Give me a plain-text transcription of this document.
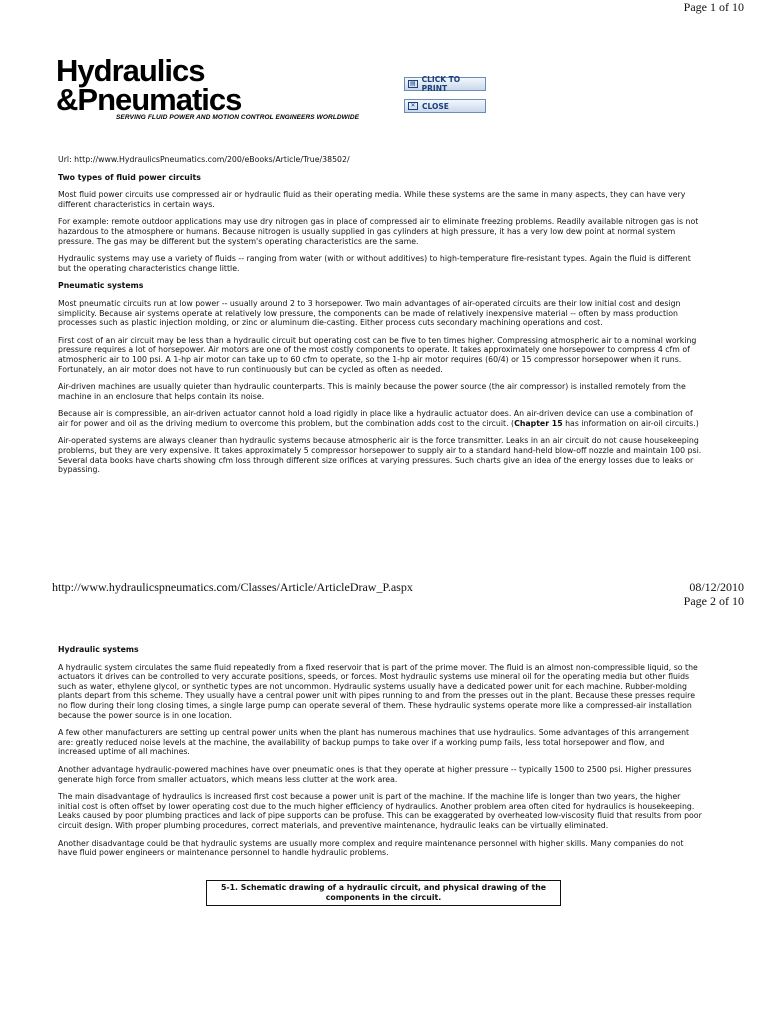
Page 1 of 10
Hydraulics
&Pneumatics
SERVING FLUID POWER AND MOTION CONTROL ENGINEERS WORLDWIDE
▤ CLICK TO PRINT
✕ CLOSE

Url: http://www.HydraulicsPneumatics.com/200/eBooks/Article/True/38502/

Two types of fluid power circuits

Most fluid power circuits use compressed air or hydraulic fluid as their operating media. While these systems are the same in many aspects, they can have very different characteristics in certain ways.

For example: remote outdoor applications may use dry nitrogen gas in place of compressed air to eliminate freezing problems. Readily available nitrogen gas is not hazardous to the atmosphere or humans. Because nitrogen is usually supplied in gas cylinders at high pressure, it has a very low dew point at normal system pressure. The gas may be different but the system's operating characteristics are the same.

Hydraulic systems may use a variety of fluids -- ranging from water (with or without additives) to high-temperature fire-resistant types. Again the fluid is different but the operating characteristics change little.

Pneumatic systems

Most pneumatic circuits run at low power -- usually around 2 to 3 horsepower. Two main advantages of air-operated circuits are their low initial cost and design simplicity. Because air systems operate at relatively low pressure, the components can be made of relatively inexpensive material -- often by mass production processes such as plastic injection molding, or zinc or aluminum die-casting. Either process cuts secondary machining operations and cost.

First cost of an air circuit may be less than a hydraulic circuit but operating cost can be five to ten times higher. Compressing atmospheric air to a nominal working pressure requires a lot of horsepower. Air motors are one of the most costly components to operate. It takes approximately one horsepower to compress 4 cfm of atmospheric air to 100 psi. A 1-hp air motor can take up to 60 cfm to operate, so the 1-hp air motor requires (60/4) or 15 compressor horsepower when it runs. Fortunately, an air motor does not have to run continuously but can be cycled as often as needed.

Air-driven machines are usually quieter than hydraulic counterparts. This is mainly because the power source (the air compressor) is installed remotely from the machine in an enclosure that helps contain its noise.

Because air is compressible, an air-driven actuator cannot hold a load rigidly in place like a hydraulic actuator does. An air-driven device can use a combination of air for power and oil as the driving medium to overcome this problem, but the combination adds cost to the circuit. (Chapter 15 has information on air-oil circuits.)

Air-operated systems are always cleaner than hydraulic systems because atmospheric air is the force transmitter. Leaks in an air circuit do not cause housekeeping problems, but they are very expensive. It takes approximately 5 compressor horsepower to supply air to a standard hand-held blow-off nozzle and maintain 100 psi. Several data books have charts showing cfm loss through different size orifices at varying pressures. Such charts give an idea of the energy losses due to leaks or bypassing.

http://www.hydraulicspneumatics.com/Classes/Article/ArticleDraw_P.aspx	08/12/2010
Page 2 of 10
Hydraulic systems

A hydraulic system circulates the same fluid repeatedly from a fixed reservoir that is part of the prime mover. The fluid is an almost non-compressible liquid, so the actuators it drives can be controlled to very accurate positions, speeds, or forces. Most hydraulic systems use mineral oil for the operating media but other fluids such as water, ethylene glycol, or synthetic types are not uncommon. Hydraulic systems usually have a dedicated power unit for each machine. Rubber-molding plants depart from this scheme. They usually have a central power unit with pipes running to and from the presses out in the plant. Because these presses require no flow during their long closing times, a single large pump can operate several of them. These hydraulic systems operate more like a compressed-air installation because the power source is in one location.

A few other manufacturers are setting up central power units when the plant has numerous machines that use hydraulics. Some advantages of this arrangement are: greatly reduced noise levels at the machine, the availability of backup pumps to take over if a working pump fails, less total horsepower and flow, and increased uptime of all machines.

Another advantage hydraulic-powered machines have over pneumatic ones is that they operate at higher pressure -- typically 1500 to 2500 psi. Higher pressures generate high force from smaller actuators, which means less clutter at the work area.

The main disadvantage of hydraulics is increased first cost because a power unit is part of the machine. If the machine life is longer than two years, the higher initial cost is often offset by lower operating cost due to the much higher efficiency of hydraulics. Another problem area often cited for hydraulics is housekeeping. Leaks caused by poor plumbing practices and lack of pipe supports can be profuse. This can be exaggerated by overheated low-viscosity fluid that results from poor circuit design. With proper plumbing procedures, correct materials, and preventive maintenance, hydraulic leaks can be virtually eliminated.

Another disadvantage could be that hydraulic systems are usually more complex and require maintenance personnel with higher skills. Many companies do not have fluid power engineers or maintenance personnel to handle hydraulic problems.

5-1. Schematic drawing of a hydraulic circuit, and physical drawing of the components in the circuit.
